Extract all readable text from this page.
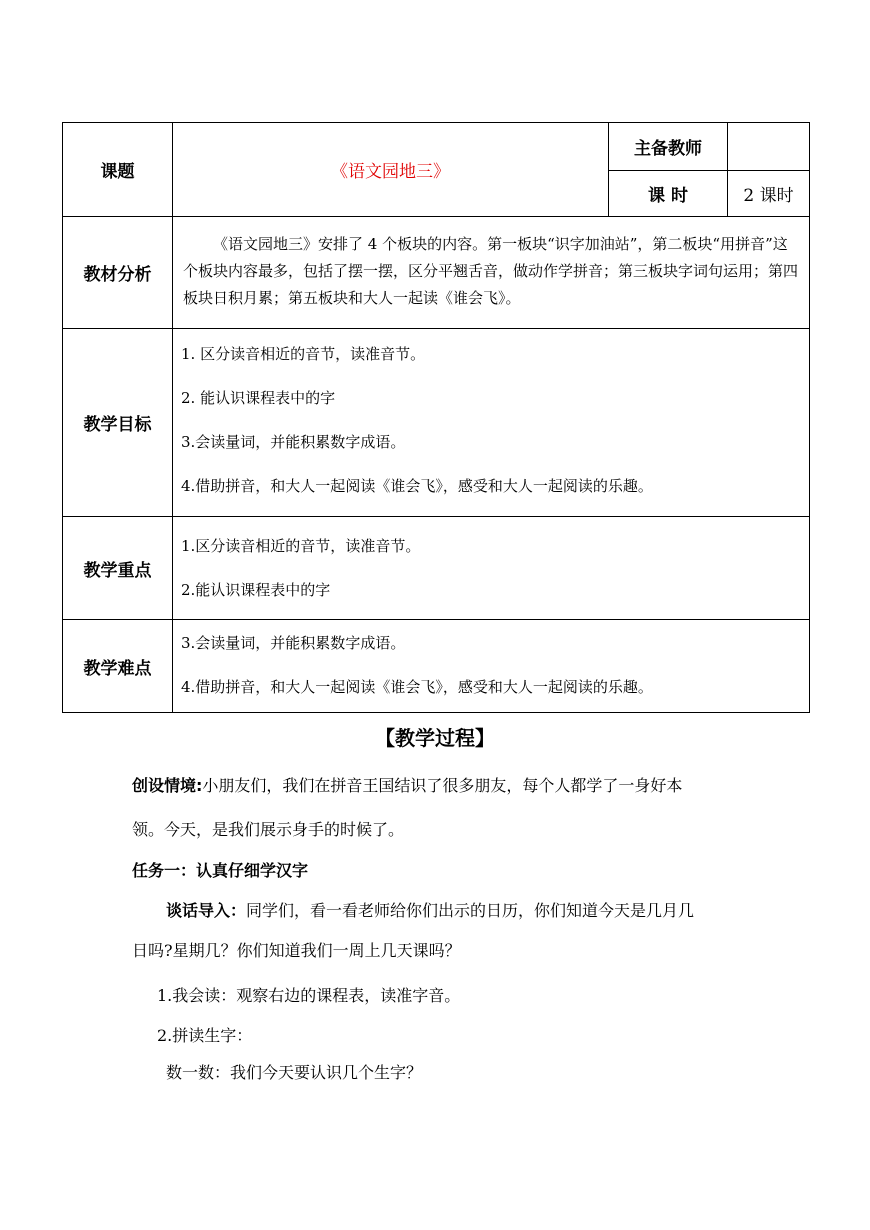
课题	《语文园地三》	主备教师	
		课 时	2 课时
教材分析	《语文园地三》安排了 4 个板块的内容。第一板块“识字加油站”，第二板块“用拼音”这个板块内容最多，包括了摆一摆，区分平翘舌音，做动作学拼音；第三板块字词句运用；第四板块日积月累；第五板块和大人一起读《谁会飞》。		

教学目标	1. 区分读音相近的音节，读准音节。
2. 能认识课程表中的字
3.会读量词，并能积累数字成语。
4.借助拼音，和大人一起阅读《谁会飞》，感受和大人一起阅读的乐趣。		

教学重点	1.区分读音相近的音节，读准音节。
2.能认识课程表中的字		

教学难点	3.会读量词，并能积累数字成语。
4.借助拼音，和大人一起阅读《谁会飞》，感受和大人一起阅读的乐趣。		
【教学过程】
创设情境:小朋友们，我们在拼音王国结识了很多朋友，每个人都学了一身好本
领。今天，是我们展示身手的时候了。
任务一：认真仔细学汉字
谈话导入：同学们，看一看老师给你们出示的日历，你们知道今天是几月几
日吗?星期几？你们知道我们一周上几天课吗？
1.我会读：观察右边的课程表，读准字音。
2.拼读生字：
数一数：我们今天要认识几个生字？
